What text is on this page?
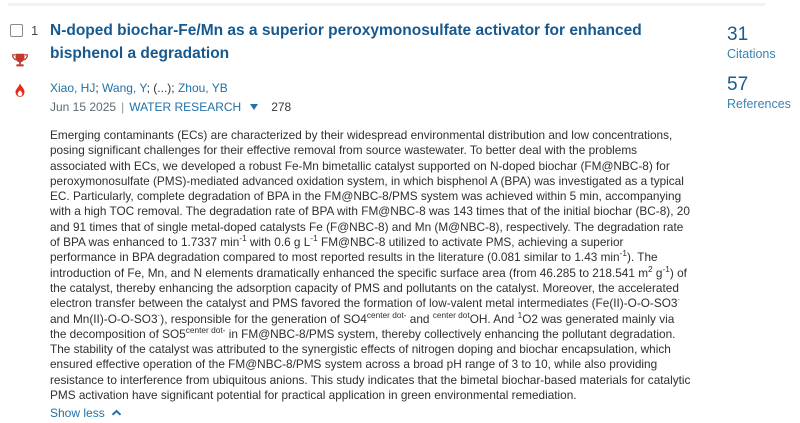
1 N-doped biochar-Fe/Mn as a superior peroxymonosulfate activator for enhanced bisphenol a degradation
Xiao, HJ; Wang, Y; (...); Zhou, YB
Jun 15 2025 | WATER RESEARCH	278
Emerging contaminants (ECs) are characterized by their widespread environmental distribution and low concentrations, posing significant challenges for their effective removal from source wastewater. To better deal with the problems associated with ECs, we developed a robust Fe-Mn bimetallic catalyst supported on N-doped biochar (FM@NBC-8) for peroxymonosulfate (PMS)-mediated advanced oxidation system, in which bisphenol A (BPA) was investigated as a typical EC. Particularly, complete degradation of BPA in the FM@NBC-8/PMS system was achieved within 5 min, accompanying with a high TOC removal. The degradation rate of BPA with FM@NBC-8 was 143 times that of the initial biochar (BC-8), 20 and 91 times that of single metal-doped catalysts Fe (F@NBC-8) and Mn (M@NBC-8), respectively. The degradation rate of BPA was enhanced to 1.7337 $\min^{-1}$ with 0.6 g $L^{-1}$ FM@NBC-8 utilized to activate PMS, achieving a superior performance in BPA degradation compared to most reported results in the literature (0.081 similar to 1.43 $\min^{-1}$). The introduction of Fe, Mn, and N elements dramatically enhanced the specific surface area (from 46.285 to 218.541 $m^2$ $g^{-1}$) of the catalyst, thereby enhancing the adsorption capacity of PMS and pollutants on the catalyst. Moreover, the accelerated electron transfer between the catalyst and PMS favored the formation of low-valent metal intermediates (Fe(II)-O-O-SO3· and Mn(II)-O-O-SO3·), responsible for the generation of $SO4^{center dot-}$ and $^{center dot}$OH. And $^1$O2 was generated mainly via the decomposition of $SO5^{center dot-}$ in FM@NBC-8/PMS system, thereby collectively enhancing the pollutant degradation. The stability of the catalyst was attributed to the synergistic effects of nitrogen doping and biochar encapsulation, which ensured effective operation of the FM@NBC-8/PMS system across a broad pH range of 3 to 10, while also providing resistance to interference from ubiquitous anions. This study indicates that the bimetal biochar-based materials for catalytic PMS activation have significant potential for practical application in green environmental remediation.
Show less
31
Citations
57
References
